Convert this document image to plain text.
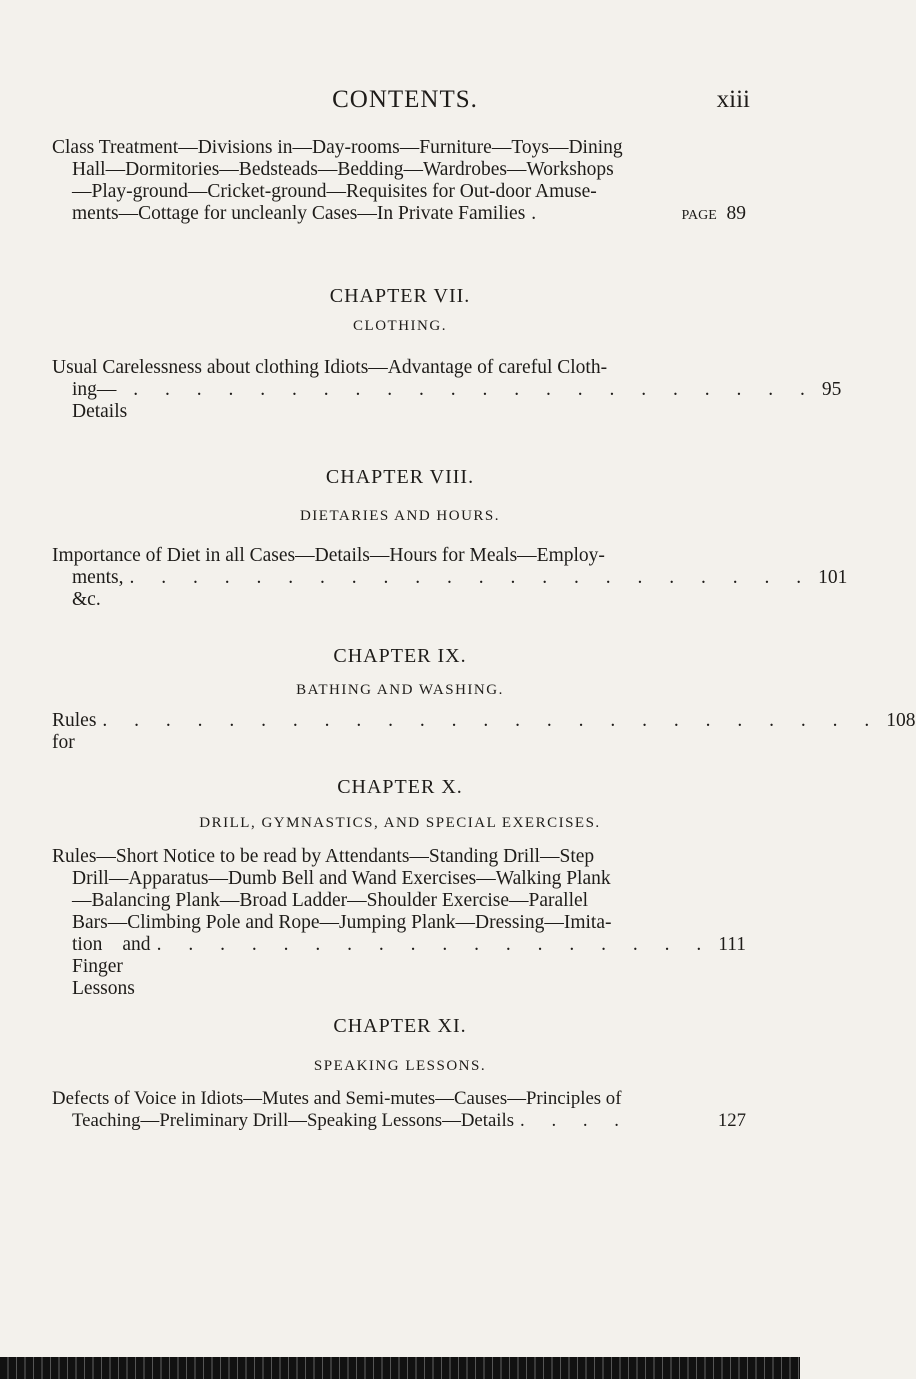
CONTENTS.	xiii
Class Treatment—Divisions in—Day-rooms—Furniture—Toys—Dining
Hall—Dormitories—Bedsteads—Bedding—Wardrobes—Workshops
—Play-ground—Cricket-ground—Requisites for Out-door Amuse-
ments—Cottage for uncleanly Cases—In Private Families .	PAGE 89
CHAPTER VII.
CLOTHING.
Usual Carelessness about clothing Idiots—Advantage of careful Cloth-
ing—Details
. . . . . . . . . . . . . . . . . . . . . . 95
CHAPTER VIII.
DIETARIES AND HOURS.
Importance of Diet in all Cases—Details—Hours for Meals—Employ-
ments, &c.
. . . . . . . . . . . . . . . . . . . . . . 101
CHAPTER IX.
BATHING AND WASHING.
Rules for
. . . . . . . . . . . . . . . . . . . . . . . . . 108
CHAPTER X.
DRILL, GYMNASTICS, AND SPECIAL EXERCISES.
Rules—Short Notice to be read by Attendants—Standing Drill—Step
Drill—Apparatus—Dumb Bell and Wand Exercises—Walking Plank
—Balancing Plank—Broad Ladder—Shoulder Exercise—Parallel
Bars—Climbing Pole and Rope—Jumping Plank—Dressing—Imita-
tion and Finger Lessons
. . . . . . . . . . . . . . . . . . 111
CHAPTER XI.
SPEAKING LESSONS.
Defects of Voice in Idiots—Mutes and Semi-mutes—Causes—Principles of
Teaching—Preliminary Drill—Speaking Lessons—Details . . . .	127
